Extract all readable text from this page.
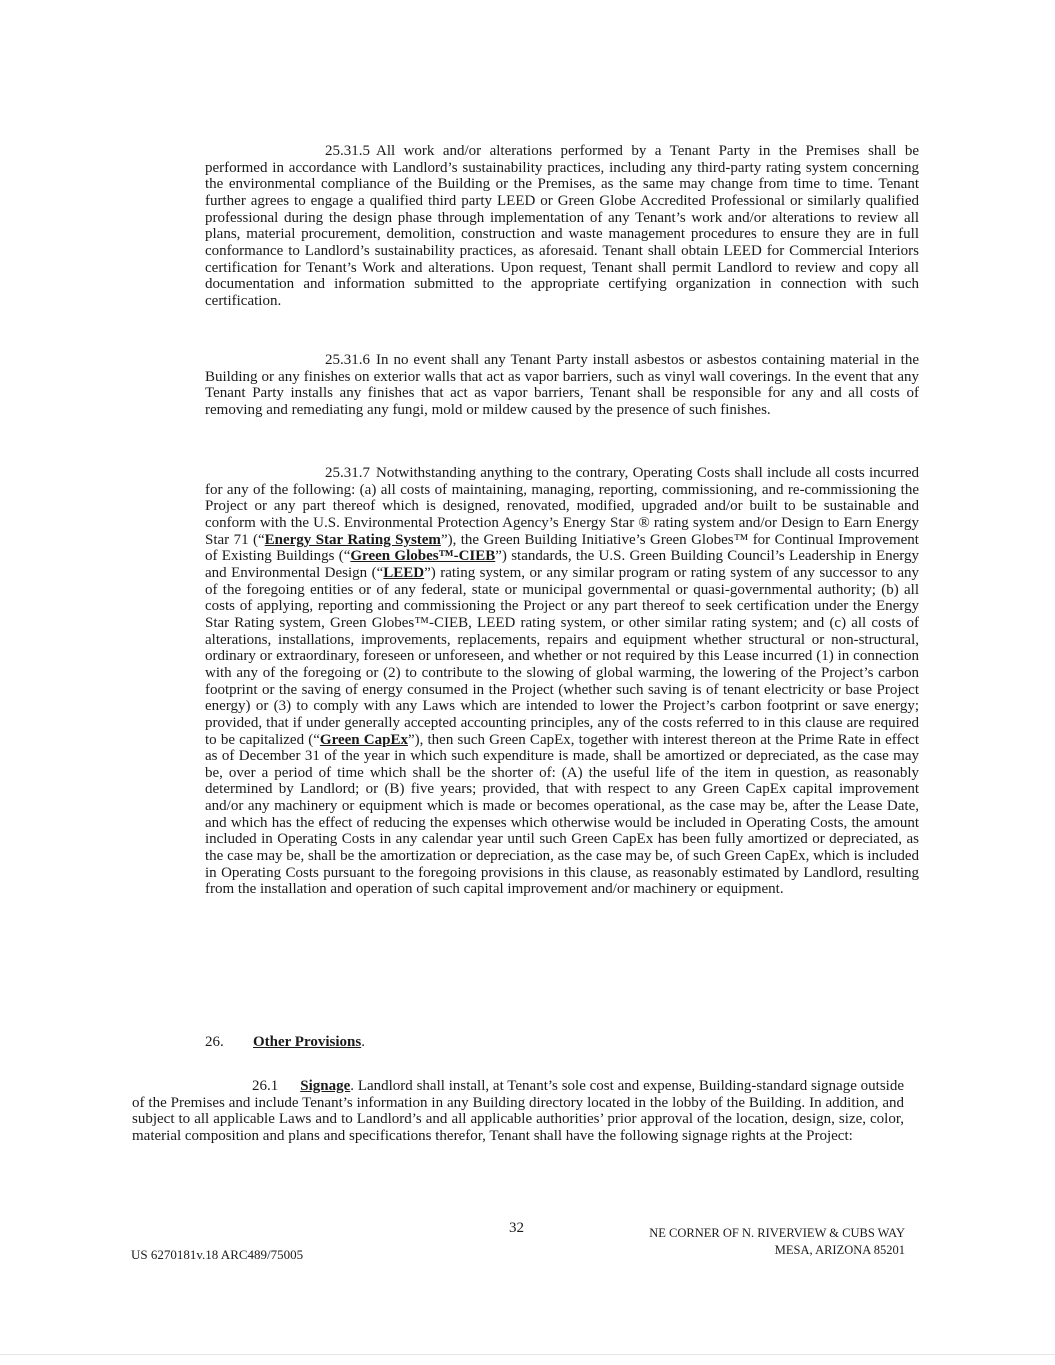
25.31.5 All work and/or alterations performed by a Tenant Party in the Premises shall be performed in accordance with Landlord’s sustainability practices, including any third-party rating system concerning the environmental compliance of the Building or the Premises, as the same may change from time to time. Tenant further agrees to engage a qualified third party LEED or Green Globe Accredited Professional or similarly qualified professional during the design phase through implementation of any Tenant’s work and/or alterations to review all plans, material procurement, demolition, construction and waste management procedures to ensure they are in full conformance to Landlord’s sustainability practices, as aforesaid. Tenant shall obtain LEED for Commercial Interiors certification for Tenant’s Work and alterations. Upon request, Tenant shall permit Landlord to review and copy all documentation and information submitted to the appropriate certifying organization in connection with such certification.
25.31.6 In no event shall any Tenant Party install asbestos or asbestos containing material in the Building or any finishes on exterior walls that act as vapor barriers, such as vinyl wall coverings. In the event that any Tenant Party installs any finishes that act as vapor barriers, Tenant shall be responsible for any and all costs of removing and remediating any fungi, mold or mildew caused by the presence of such finishes.
25.31.7 Notwithstanding anything to the contrary, Operating Costs shall include all costs incurred for any of the following: (a) all costs of maintaining, managing, reporting, commissioning, and re-commissioning the Project or any part thereof which is designed, renovated, modified, upgraded and/or built to be sustainable and conform with the U.S. Environmental Protection Agency’s Energy Star ® rating system and/or Design to Earn Energy Star 71 (“Energy Star Rating System”), the Green Building Initiative’s Green Globes™ for Continual Improvement of Existing Buildings (“Green Globes™-CIEB”) standards, the U.S. Green Building Council’s Leadership in Energy and Environmental Design (“LEED”) rating system, or any similar program or rating system of any successor to any of the foregoing entities or of any federal, state or municipal governmental or quasi-governmental authority; (b) all costs of applying, reporting and commissioning the Project or any part thereof to seek certification under the Energy Star Rating system, Green Globes™-CIEB, LEED rating system, or other similar rating system; and (c) all costs of alterations, installations, improvements, replacements, repairs and equipment whether structural or non-structural, ordinary or extraordinary, foreseen or unforeseen, and whether or not required by this Lease incurred (1) in connection with any of the foregoing or (2) to contribute to the slowing of global warming, the lowering of the Project’s carbon footprint or the saving of energy consumed in the Project (whether such saving is of tenant electricity or base Project energy) or (3) to comply with any Laws which are intended to lower the Project’s carbon footprint or save energy; provided, that if under generally accepted accounting principles, any of the costs referred to in this clause are required to be capitalized (“Green CapEx”), then such Green CapEx, together with interest thereon at the Prime Rate in effect as of December 31 of the year in which such expenditure is made, shall be amortized or depreciated, as the case may be, over a period of time which shall be the shorter of: (A) the useful life of the item in question, as reasonably determined by Landlord; or (B) five years; provided, that with respect to any Green CapEx capital improvement and/or any machinery or equipment which is made or becomes operational, as the case may be, after the Lease Date, and which has the effect of reducing the expenses which otherwise would be included in Operating Costs, the amount included in Operating Costs in any calendar year until such Green CapEx has been fully amortized or depreciated, as the case may be, shall be the amortization or depreciation, as the case may be, of such Green CapEx, which is included in Operating Costs pursuant to the foregoing provisions in this clause, as reasonably estimated by Landlord, resulting from the installation and operation of such capital improvement and/or machinery or equipment.
26. Other Provisions.
26.1 Signage. Landlord shall install, at Tenant’s sole cost and expense, Building-standard signage outside of the Premises and include Tenant’s information in any Building directory located in the lobby of the Building. In addition, and subject to all applicable Laws and to Landlord’s and all applicable authorities’ prior approval of the location, design, size, color, material composition and plans and specifications therefor, Tenant shall have the following signage rights at the Project:
32	NE CORNER OF N. RIVERVIEW & CUBS WAY
MESA, ARIZONA 85201
US 6270181v.18 ARC489/75005
